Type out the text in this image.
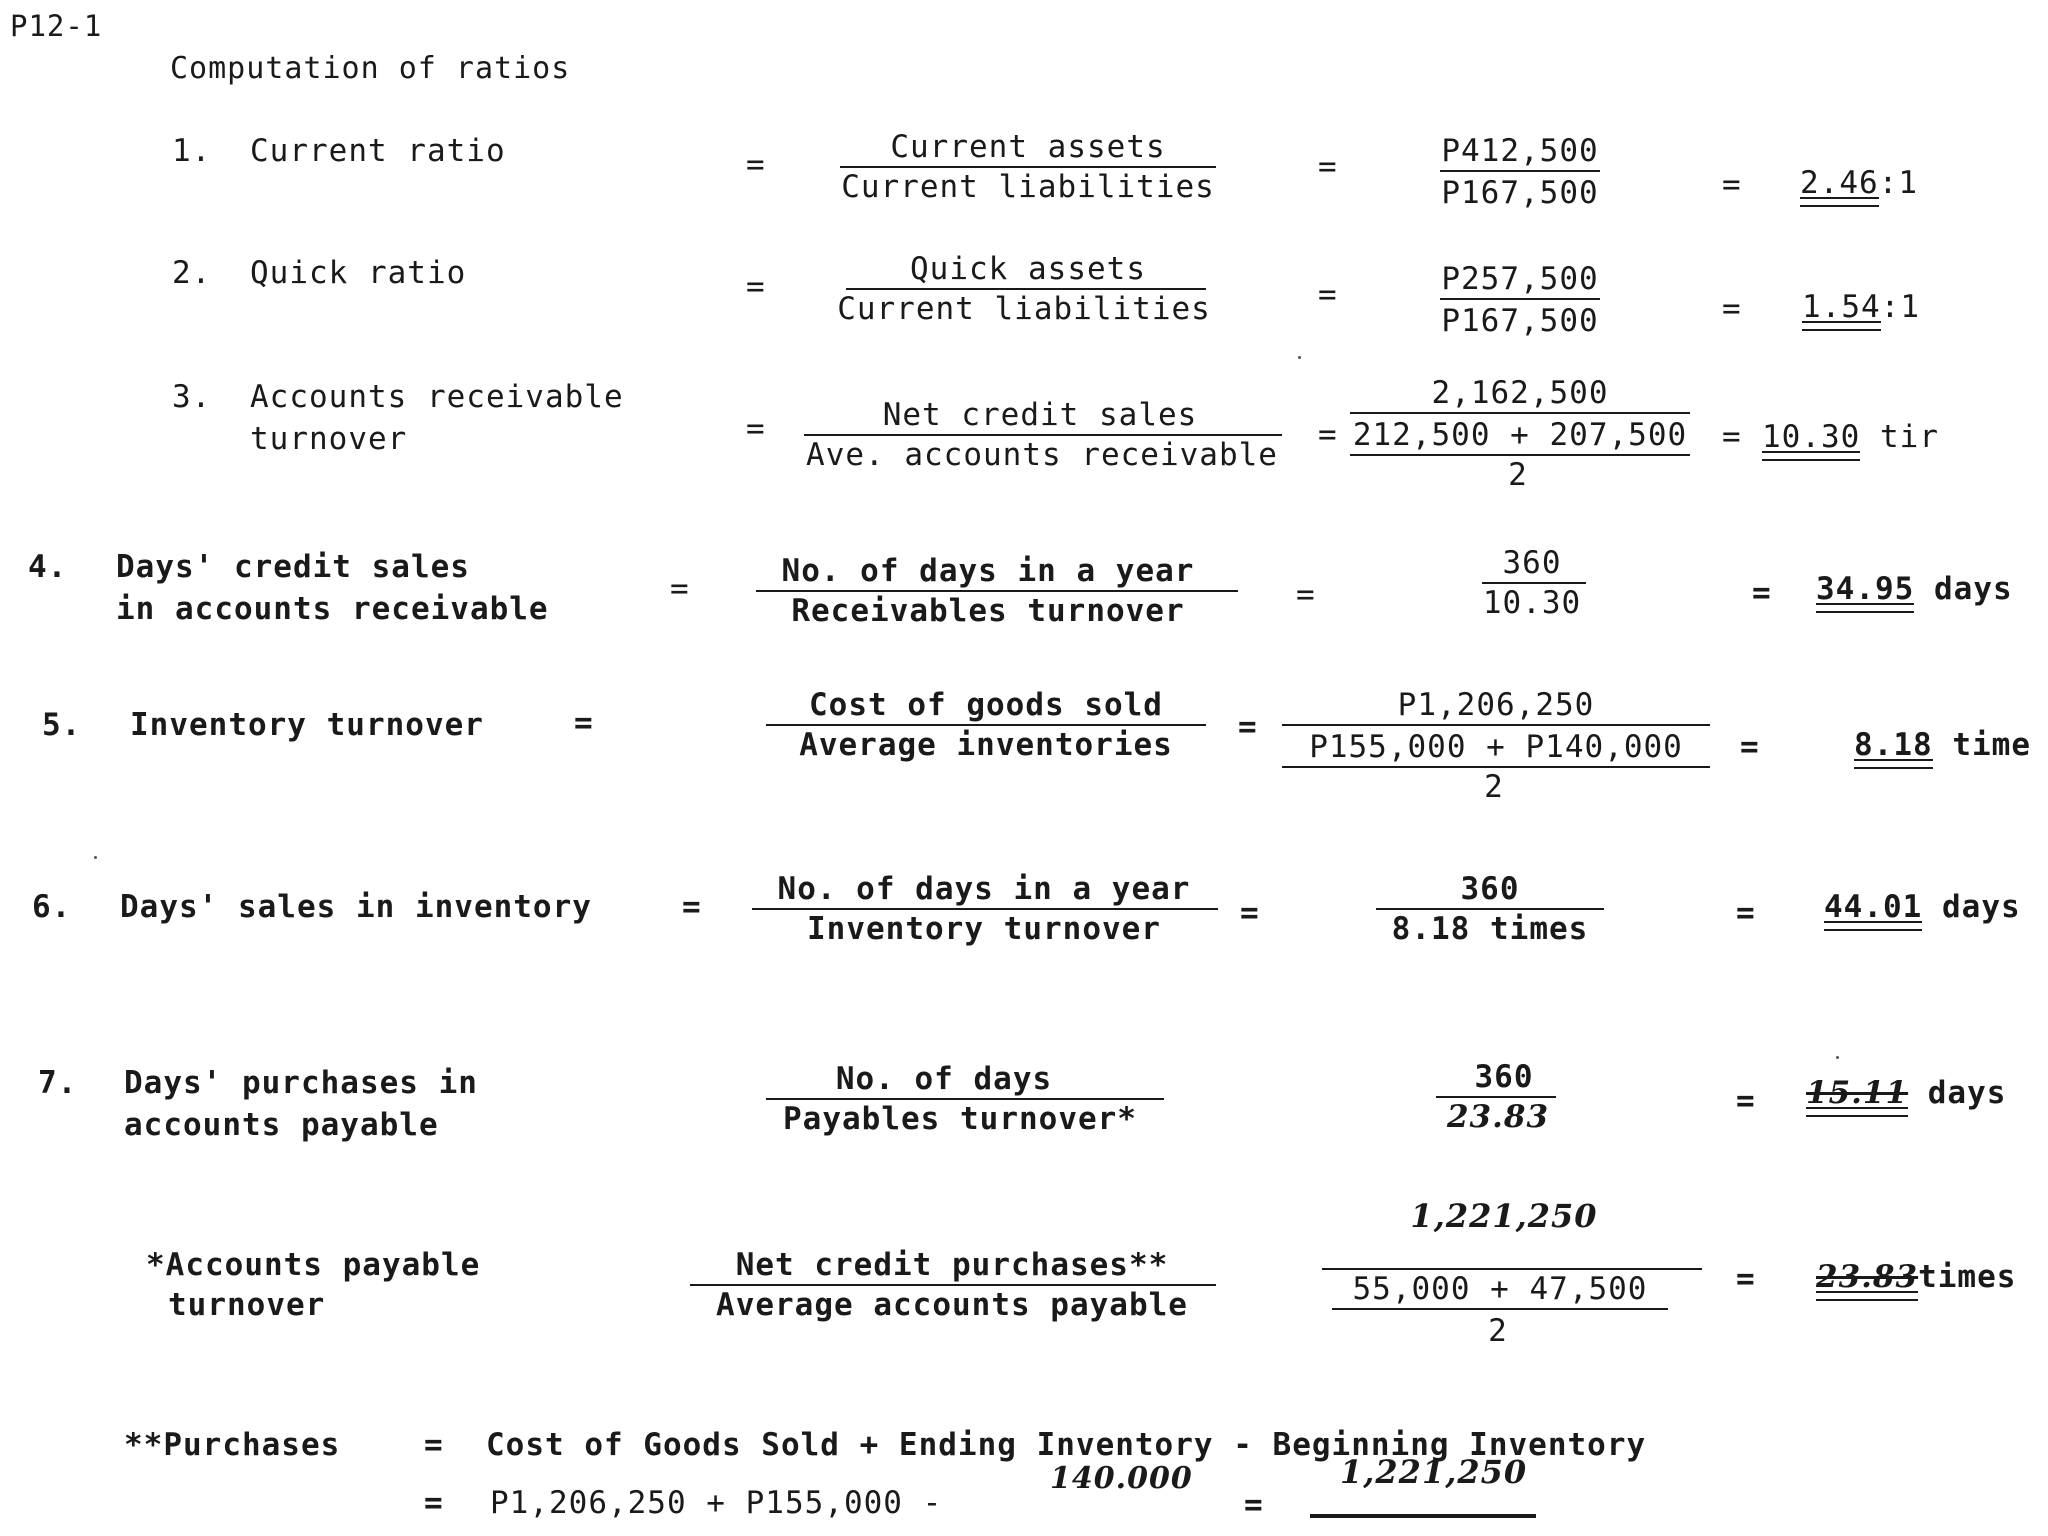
P12-1
Computation of ratios
1. Current ratio	=	Current assets
Current liabilities
=	P412,500
P167,500	= 2.46:1
2. Quick ratio	=	Quick assets
Current liabilities	=	P257,500
P167,500	= 1.54:1
3. Accounts receivable
turnover	=	Net credit sales
Ave. accounts receivable
=
2,162,500
212,500 + 207,500
2
= 10.30 tir
4. Days' credit sales
in accounts receivable
=	No. of days in a year
Receivables turnover	=
360
10.30	= 34.95 days
5. Inventory turnover	=	Cost of goods sold
Average inventories =
P1,206,250
P155,000 + P140,000
2
=	8.18 time
6. Days' sales in inventory	= No. of days in a year
Inventory turnover	=
360
8.18 times	= 44.01 days
7. Days' purchases in
accounts payable
No. of days
Payables turnover*
360
23.83	= 15.11 days
*Accounts payable
turnover
Net credit purchases**
Average accounts payable
1,221,250
55,000 + 47,500
2
= 23.83times
**Purchases	= Cost of Goods Sold + Ending Inventory - Beginning Inventory
= P1,206,250 + P155,000 -
140.000
=
1,221,250
